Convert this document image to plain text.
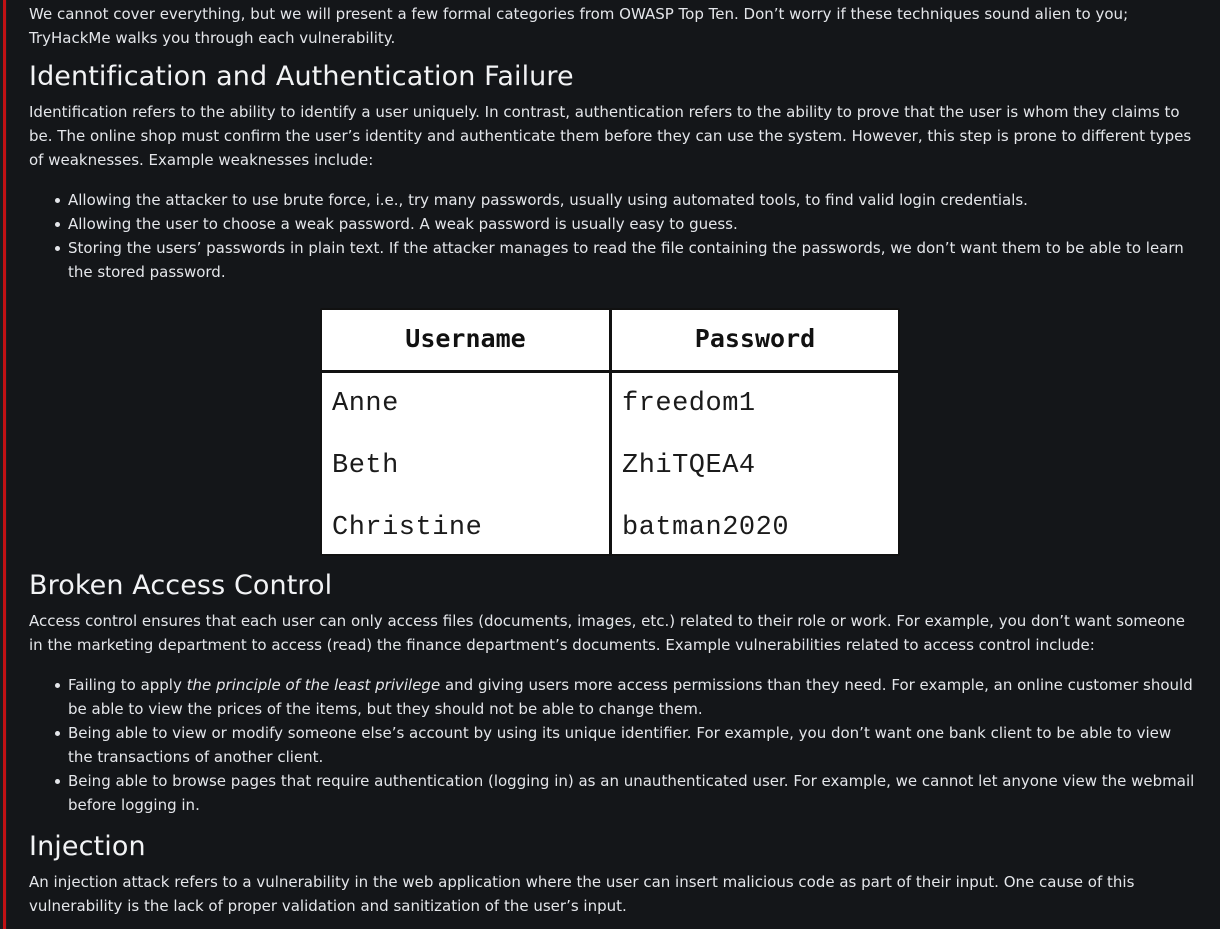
We cannot cover everything, but we will present a few formal categories from OWASP Top Ten. Don’t worry if these techniques sound alien to you; TryHackMe walks you through each vulnerability.

Identification and Authentication Failure

Identification refers to the ability to identify a user uniquely. In contrast, authentication refers to the ability to prove that the user is whom they claims to be. The online shop must confirm the user’s identity and authenticate them before they can use the system. However, this step is prone to different types of weaknesses. Example weaknesses include:

Allowing the attacker to use brute force, i.e., try many passwords, usually using automated tools, to find valid login credentials.
Allowing the user to choose a weak password. A weak password is usually easy to guess.
Storing the users’ passwords in plain text. If the attacker manages to read the file containing the passwords, we don’t want them to be able to learn the stored password.
Broken Access Control

Access control ensures that each user can only access files (documents, images, etc.) related to their role or work. For example, you don’t want someone in the marketing department to access (read) the finance department’s documents. Example vulnerabilities related to access control include:

Failing to apply the principle of the least privilege and giving users more access permissions than they need. For example, an online customer should be able to view the prices of the items, but they should not be able to change them.
Being able to view or modify someone else’s account by using its unique identifier. For example, you don’t want one bank client to be able to view the transactions of another client.
Being able to browse pages that require authentication (logging in) as an unauthenticated user. For example, we cannot let anyone view the webmail before logging in.
Injection

An injection attack refers to a vulnerability in the web application where the user can insert malicious code as part of their input. One cause of this vulnerability is the lack of proper validation and sanitization of the user’s input.

Username	Password
Anne	freedom1
Beth	ZhiTQEA4
Christine	batman2020
